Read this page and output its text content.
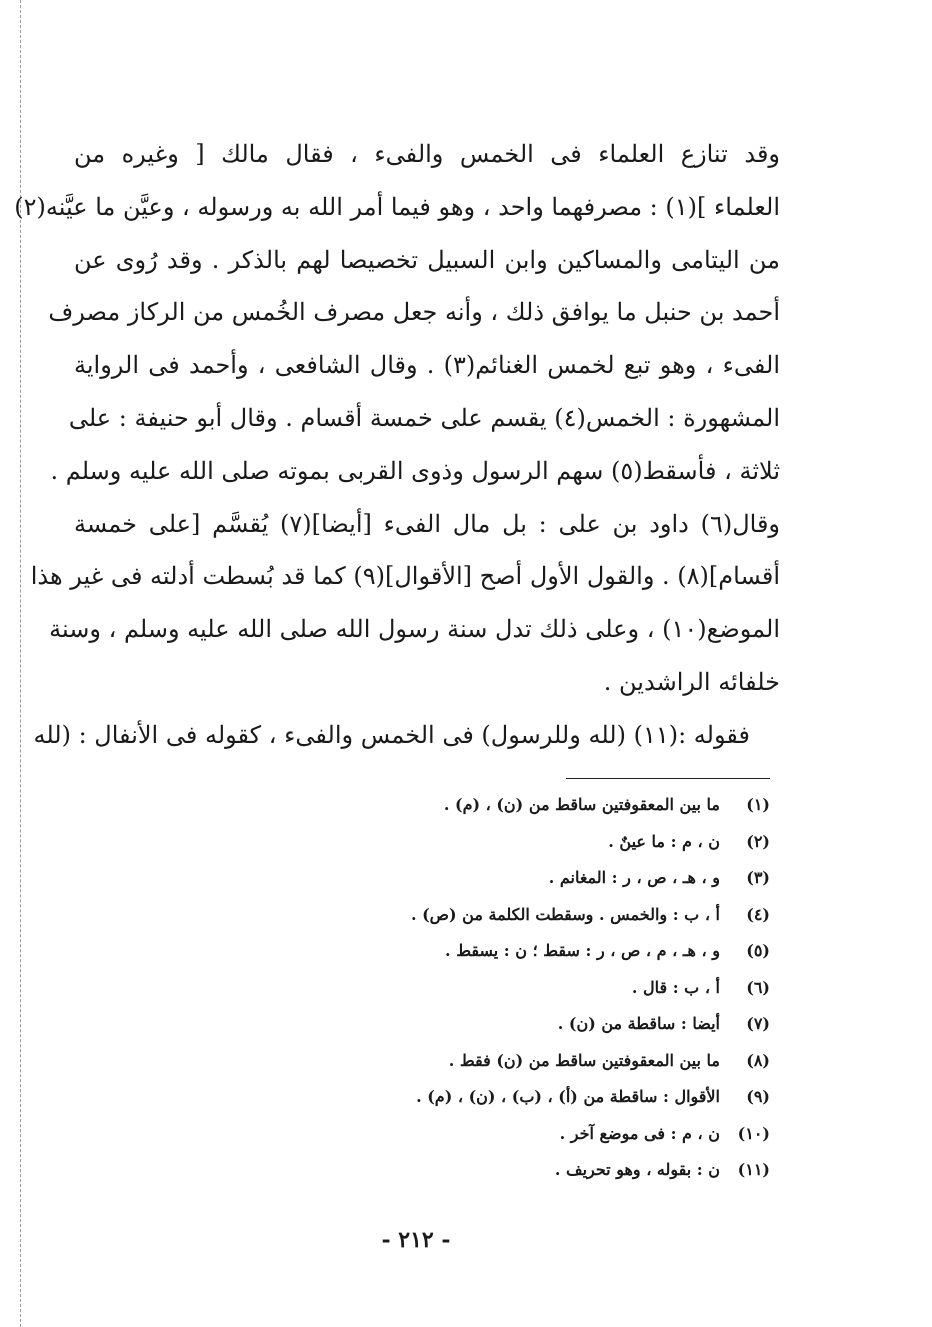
وقد تنازع العلماء فى الخمس والفىء ، فقال مالك [ وغيره من
العلماء ](١) : مصرفهما واحد ، وهو فيما أمر الله به ورسوله ، وعيَّن ما عيَّنه(٢)
من اليتامى والمساكين وابن السبيل تخصيصا لهم بالذكر . وقد رُوى عن
أحمد بن حنبل ما يوافق ذلك ، وأنه جعل مصرف الخُمس من الركاز مصرف
الفىء ، وهو تبع لخمس الغنائم(٣) . وقال الشافعى ، وأحمد فى الرواية
المشهورة : الخمس(٤) يقسم على خمسة أقسام . وقال أبو حنيفة : على
ثلاثة ، فأسقط(٥) سهم الرسول وذوى القربى بموته صلى الله عليه وسلم .
وقال(٦) داود بن على : بل مال الفىء [أيضا](٧) يُقسَّم [على خمسة
أقسام](٨) . والقول الأول أصح [الأقوال](٩) كما قد بُسطت أدلته فى غير هذا
الموضع(١٠) ، وعلى ذلك تدل سنة رسول الله صلى الله عليه وسلم ، وسنة
خلفائه الراشدين .
فقوله :(١١) (لله وللرسول) فى الخمس والفىء ، كقوله فى الأنفال : (لله
(١)ما بين المعقوفتين ساقط من (ن) ، (م) .
(٢)ن ، م : ما عينٌ .
(٣)و ، هـ ، ص ، ر : المغانم .
(٤)أ ، ب : والخمس . وسقطت الكلمة من (ص) .
(٥)و ، هـ ، م ، ص ، ر : سقط ؛ ن : يسقط .
(٦)أ ، ب : قال .
(٧)أيضا : ساقطة من (ن) .
(٨)ما بين المعقوفتين ساقط من (ن) فقط .
(٩)الأقوال : ساقطة من (أ) ، (ب) ، (ن) ، (م) .
(١٠)ن ، م : فى موضع آخر .
(١١)ن : بقوله ، وهو تحريف .
- ٢١٢ -
